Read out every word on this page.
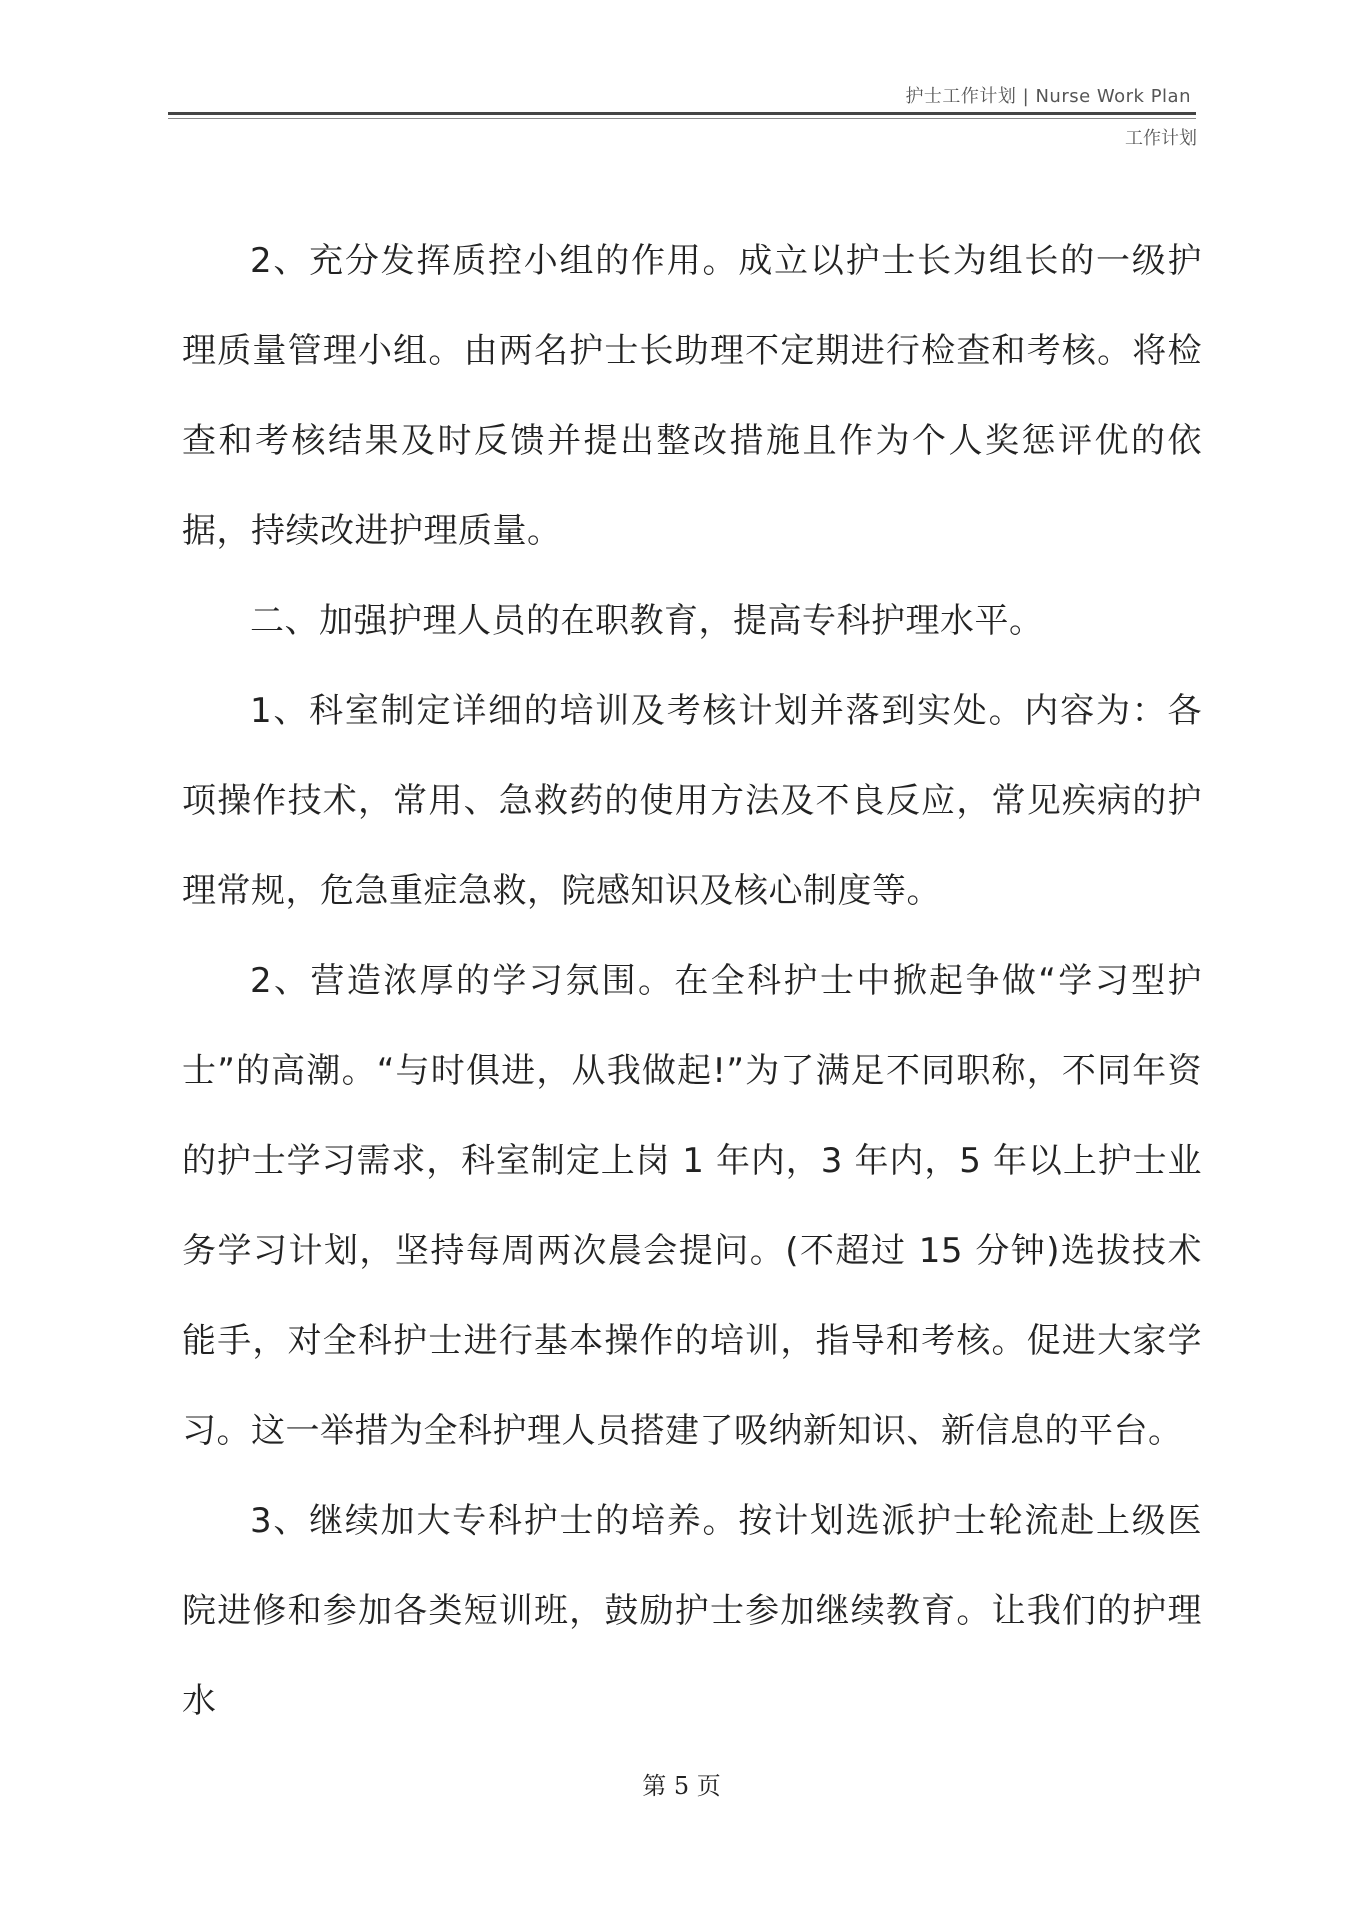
护士工作计划 | Nurse Work Plan
工作计划

2、充分发挥质控小组的作用。成立以护士长为组长的一级护理质量管理小组。由两名护士长助理不定期进行检查和考核。将检查和考核结果及时反馈并提出整改措施且作为个人奖惩评优的依据，持续改进护理质量。

二、加强护理人员的在职教育，提高专科护理水平。

1、科室制定详细的培训及考核计划并落到实处。内容为：各项操作技术，常用、急救药的使用方法及不良反应，常见疾病的护理常规，危急重症急救，院感知识及核心制度等。

2、营造浓厚的学习氛围。在全科护士中掀起争做“学习型护士”的高潮。“与时俱进，从我做起!”为了满足不同职称，不同年资的护士学习需求，科室制定上岗 1 年内，3 年内，5 年以上护士业务学习计划，坚持每周两次晨会提问。(不超过 15 分钟)选拔技术能手，对全科护士进行基本操作的培训，指导和考核。促进大家学习。这一举措为全科护理人员搭建了吸纳新知识、新信息的平台。

3、继续加大专科护士的培养。按计划选派护士轮流赴上级医院进修和参加各类短训班，鼓励护士参加继续教育。让我们的护理水

第 5 页
